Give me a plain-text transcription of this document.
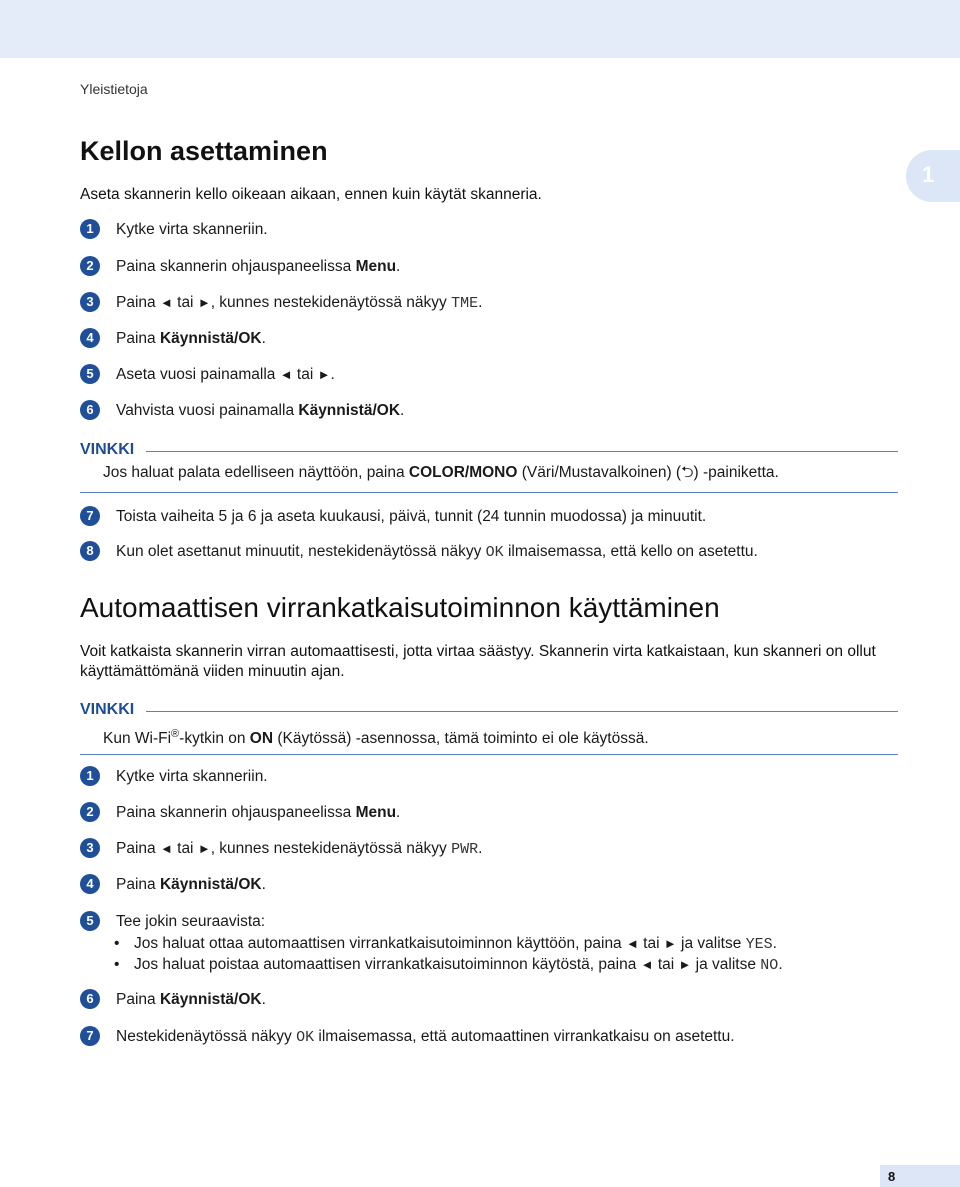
Yleistietoja
1
Kellon asettaminen
Aseta skannerin kello oikeaan aikaan, ennen kuin käytät skanneria.
1 Kytke virta skanneriin.
2 Paina skannerin ohjauspaneelissa Menu.
3 Paina ◄ tai ►, kunnes nestekidenäytössä näkyy TME.
4 Paina Käynnistä/OK.
5 Aseta vuosi painamalla ◄ tai ►.
6 Vahvista vuosi painamalla Käynnistä/OK.
VINKKI
Jos haluat palata edelliseen näyttöön, paina COLOR/MONO (Väri/Mustavalkoinen) (⮌) -painiketta.
7 Toista vaiheita 5 ja 6 ja aseta kuukausi, päivä, tunnit (24 tunnin muodossa) ja minuutit.
8 Kun olet asettanut minuutit, nestekidenäytössä näkyy OK ilmaisemassa, että kello on asetettu.
Automaattisen virrankatkaisutoiminnon käyttäminen
Voit katkaista skannerin virran automaattisesti, jotta virtaa säästyy. Skannerin virta katkaistaan, kun skanneri on ollut käyttämättömänä viiden minuutin ajan.
VINKKI
Kun Wi-Fi®-kytkin on ON (Käytössä) -asennossa, tämä toiminto ei ole käytössä.
1 Kytke virta skanneriin.
2 Paina skannerin ohjauspaneelissa Menu.
3 Paina ◄ tai ►, kunnes nestekidenäytössä näkyy PWR.
4 Paina Käynnistä/OK.
5 Tee jokin seuraavista:
• Jos haluat ottaa automaattisen virrankatkaisutoiminnon käyttöön, paina ◄ tai ► ja valitse YES.
• Jos haluat poistaa automaattisen virrankatkaisutoiminnon käytöstä, paina ◄ tai ► ja valitse NO.
6 Paina Käynnistä/OK.
7 Nestekidenäytössä näkyy OK ilmaisemassa, että automaattinen virrankatkaisu on asetettu.
8
